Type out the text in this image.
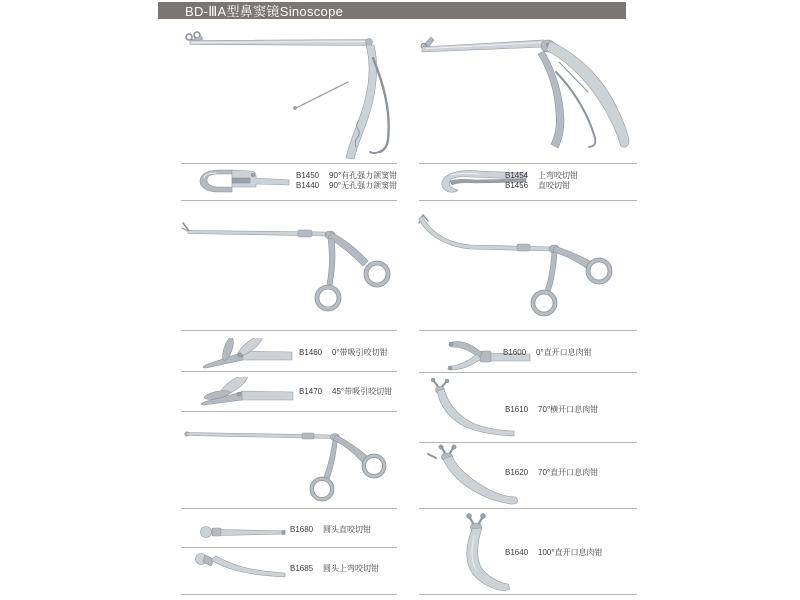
BD-ⅢA型鼻窦镜Sinoscope
B1450	90°有孔强力颌窦钳
B1440	90°无孔强力颌窦钳
B1460	0°带吸引咬切钳
B1470	45°带吸引咬切钳
B1680	圆头直咬切钳
B1685	圆头上弯咬切钳
B1454	上弯咬切钳
B1456	直咬切钳
B1600	0°直开口息肉钳
B1610	70°横开口息肉钳
B1620	70°直开口息肉钳
B1640	100°直开口息肉钳
